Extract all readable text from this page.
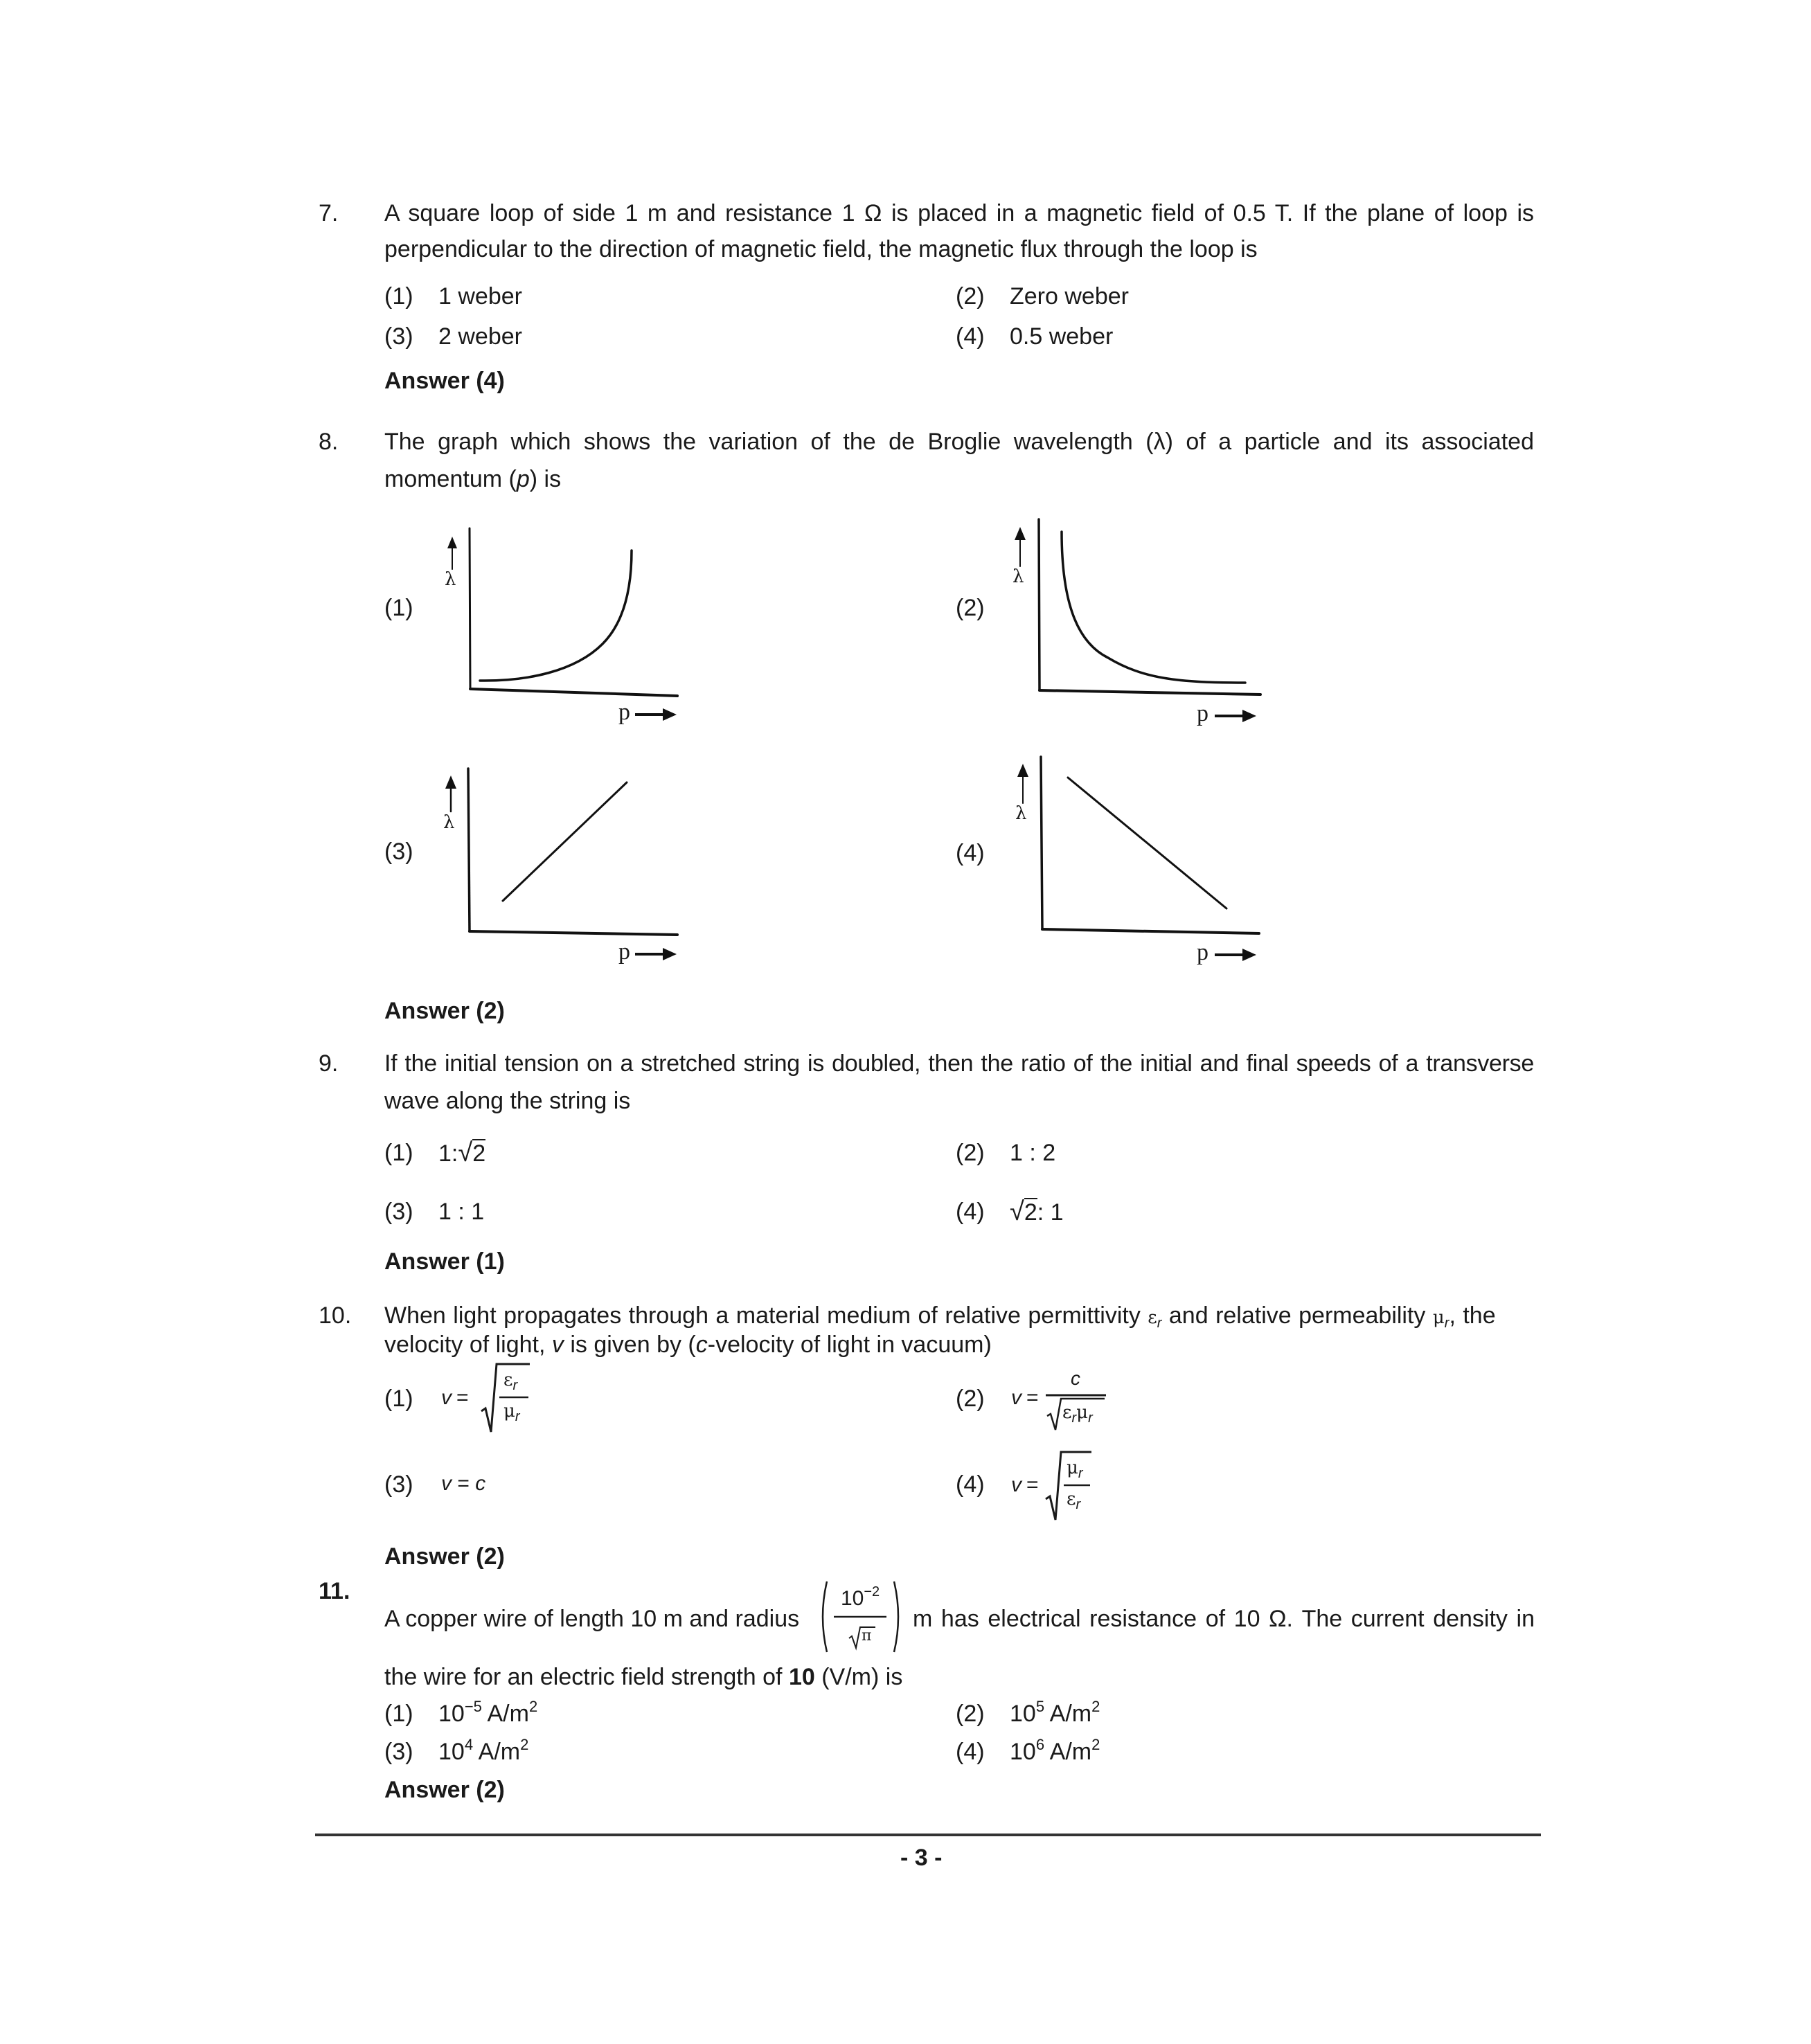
7. A square loop of side 1 m and resistance 1 Ω is placed in a magnetic field of 0.5 T. If the plane of loop is
perpendicular to the direction of magnetic field, the magnetic flux through the loop is
(1) 1 weber	(2) Zero weber
(3) 2 weber	(4) 0.5 weber
Answer (4)
8. The graph which shows the variation of the de Broglie wavelength (λ) of a particle and its associated
momentum (p) is
(1)	(2)
(3)	(4)
λ
p
λ
p
λ
p
λ
p
Answer (2)
9. If the initial tension on a stretched string is doubled, then the ratio of the initial and final speeds of a transverse
wave along the string is
(1) 1:√2	(2) 1 : 2
(3) 1 : 1	(4) √2: 1
Answer (1)
10. When light propagates through a material medium of relative permittivity $\varepsilon_r$ and relative permeability $\mu_r$, the
velocity of light, v is given by (c-velocity of light in vacuum)
(1) v =
εr
μr
(2) v =
c
εrμr
(3) v = c	(4) v =
μr
εr
Answer (2)
11.
A copper wire of length 10 m and radius
$10^{-2}$
π
m has electrical resistance of 10 Ω. The current density in
the wire for an electric field strength of 10 (V/m) is
(1) $10^{-5}$ $A/m^2$	(2) $10^5$ $A/m^2$
(3) $10^4$ $A/m^2$	(4) $10^6$ $A/m^2$
Answer (2)
- 3 -
